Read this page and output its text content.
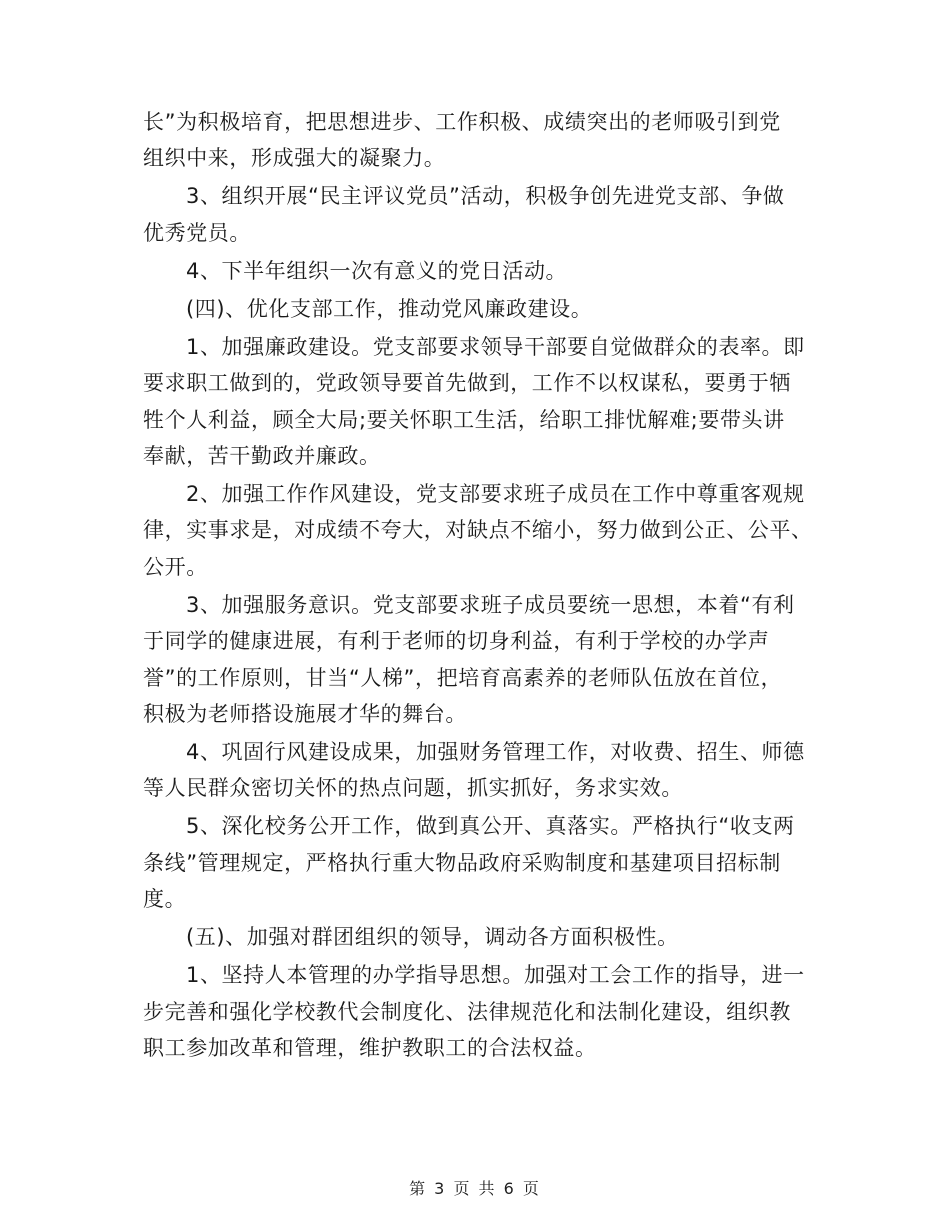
长”为积极培育，把思想进步、工作积极、成绩突出的老师吸引到党
组织中来，形成强大的凝聚力。
3、组织开展“民主评议党员”活动，积极争创先进党支部、争做
优秀党员。
4、下半年组织一次有意义的党日活动。
(四)、优化支部工作，推动党风廉政建设。
1、加强廉政建设。党支部要求领导干部要自觉做群众的表率。即
要求职工做到的，党政领导要首先做到，工作不以权谋私，要勇于牺
牲个人利益，顾全大局;要关怀职工生活，给职工排忧解难;要带头讲
奉献，苦干勤政并廉政。
2、加强工作作风建设，党支部要求班子成员在工作中尊重客观规
律，实事求是，对成绩不夸大，对缺点不缩小，努力做到公正、公平、
公开。
3、加强服务意识。党支部要求班子成员要统一思想，本着“有利
于同学的健康进展，有利于老师的切身利益，有利于学校的办学声
誉”的工作原则，甘当“人梯”，把培育高素养的老师队伍放在首位，
积极为老师搭设施展才华的舞台。
4、巩固行风建设成果，加强财务管理工作，对收费、招生、师德
等人民群众密切关怀的热点问题，抓实抓好，务求实效。
5、深化校务公开工作，做到真公开、真落实。严格执行“收支两
条线”管理规定，严格执行重大物品政府采购制度和基建项目招标制
度。
(五)、加强对群团组织的领导，调动各方面积极性。
1、坚持人本管理的办学指导思想。加强对工会工作的指导，进一
步完善和强化学校教代会制度化、法律规范化和法制化建设，组织教
职工参加改革和管理，维护教职工的合法权益。
第 3 页 共 6 页
